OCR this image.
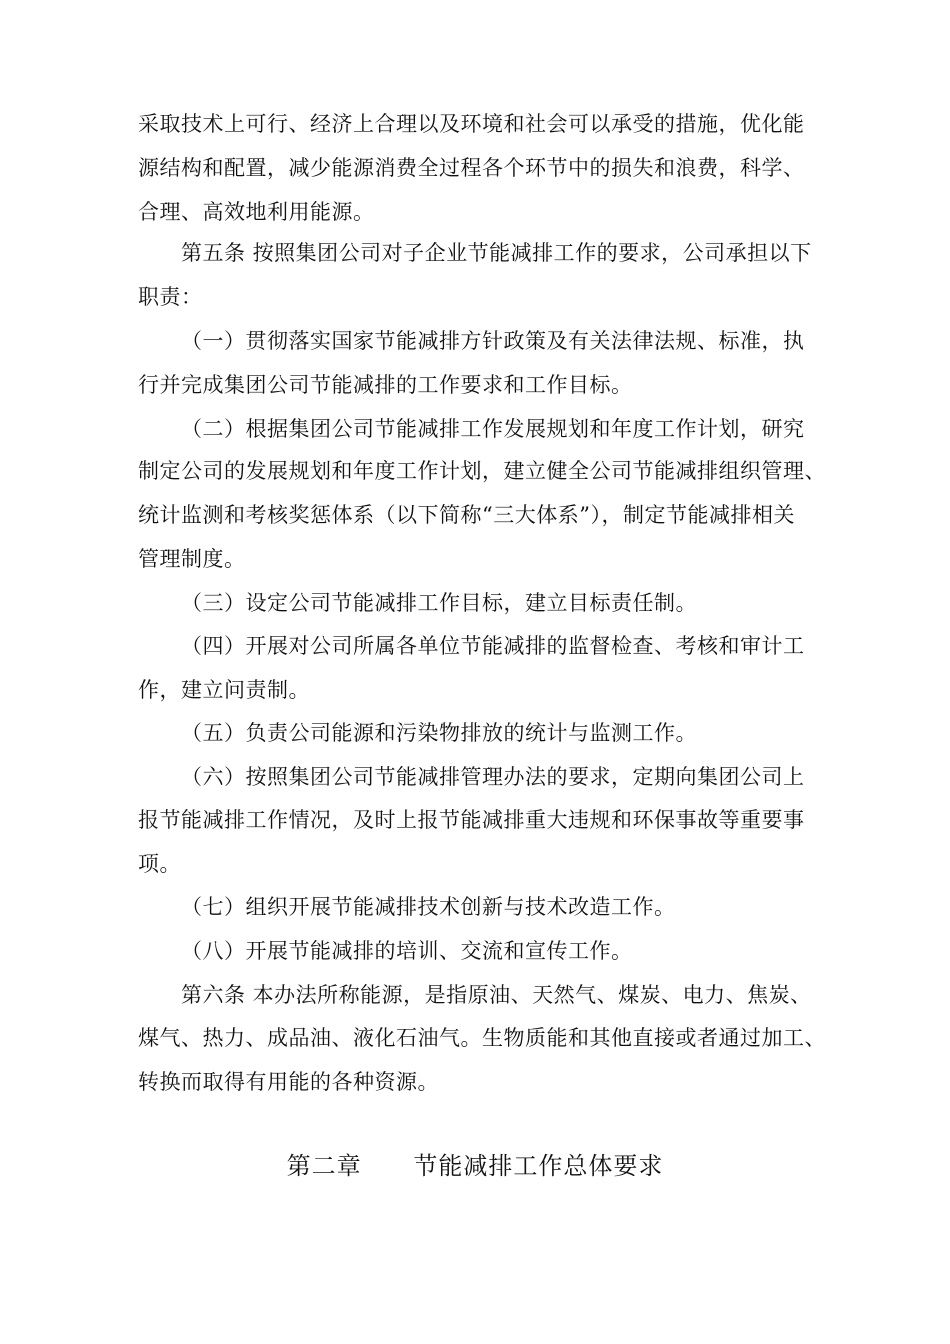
采取技术上可行、经济上合理以及环境和社会可以承受的措施，优化能
源结构和配置，减少能源消费全过程各个环节中的损失和浪费，科学、
合理、高效地利用能源。
第五条 按照集团公司对子企业节能减排工作的要求，公司承担以下
职责：
（一）贯彻落实国家节能减排方针政策及有关法律法规、标准，执
行并完成集团公司节能减排的工作要求和工作目标。
（二）根据集团公司节能减排工作发展规划和年度工作计划，研究
制定公司的发展规划和年度工作计划，建立健全公司节能减排组织管理、
统计监测和考核奖惩体系（以下简称“三大体系”），制定节能减排相关
管理制度。
（三）设定公司节能减排工作目标，建立目标责任制。
（四）开展对公司所属各单位节能减排的监督检查、考核和审计工
作，建立问责制。
（五）负责公司能源和污染物排放的统计与监测工作。
（六）按照集团公司节能减排管理办法的要求，定期向集团公司上
报节能减排工作情况，及时上报节能减排重大违规和环保事故等重要事
项。
（七）组织开展节能减排技术创新与技术改造工作。
（八）开展节能减排的培训、交流和宣传工作。
第六条 本办法所称能源，是指原油、天然气、煤炭、电力、焦炭、
煤气、热力、成品油、液化石油气。生物质能和其他直接或者通过加工、
转换而取得有用能的各种资源。
第二章      节能减排工作总体要求
